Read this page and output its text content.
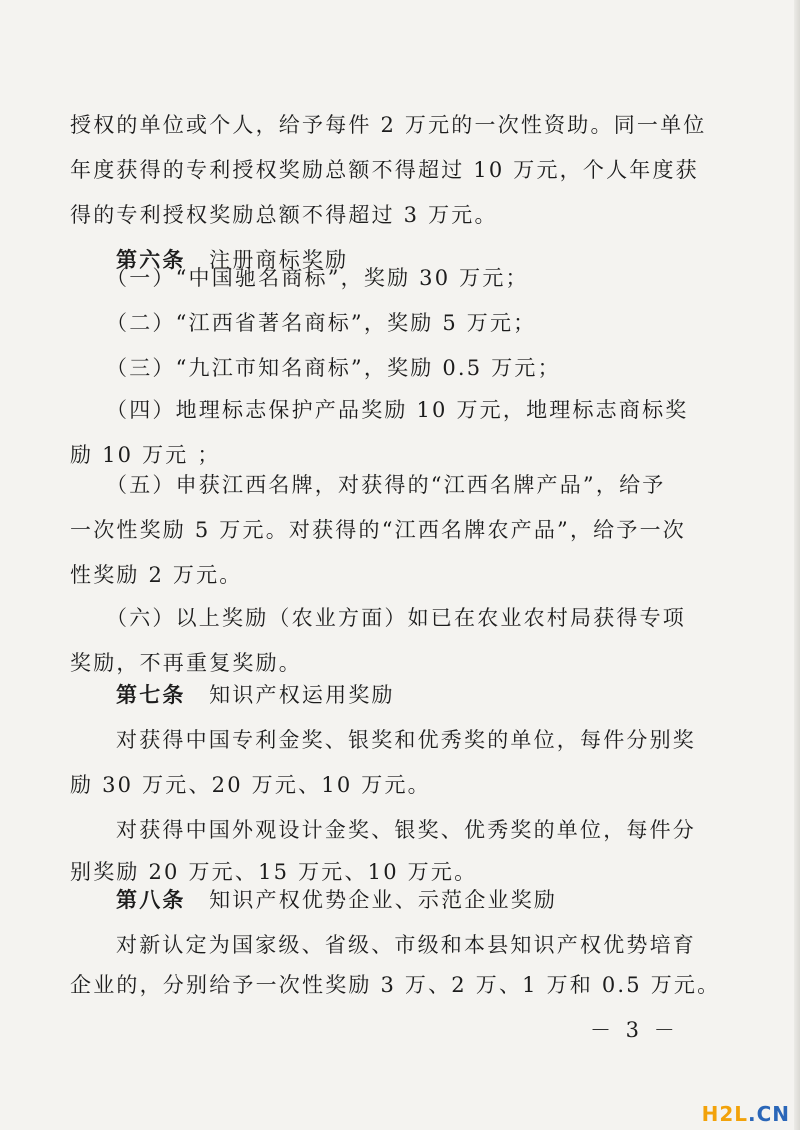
授权的单位或个人，给予每件 2 万元的一次性资助。同一单位
年度获得的专利授权奖励总额不得超过 10 万元，个人年度获
得的专利授权奖励总额不得超过 3 万元。
第六条 注册商标奖励
（一）“中国驰名商标”，奖励 30 万元；
（二）“江西省著名商标”，奖励 5 万元；
（三）“九江市知名商标”，奖励 0.5 万元；
（四）地理标志保护产品奖励 10 万元，地理标志商标奖
励 10 万元 ；
（五）申获江西名牌，对获得的“江西名牌产品”，给予
一次性奖励 5 万元。对获得的“江西名牌农产品”，给予一次
性奖励 2 万元。
（六）以上奖励（农业方面）如已在农业农村局获得专项
奖励，不再重复奖励。
第七条 知识产权运用奖励
对获得中国专利金奖、银奖和优秀奖的单位，每件分别奖
励 30 万元、20 万元、10 万元。
对获得中国外观设计金奖、银奖、优秀奖的单位，每件分
别奖励 20 万元、15 万元、10 万元。
第八条 知识产权优势企业、示范企业奖励
对新认定为国家级、省级、市级和本县知识产权优势培育
企业的，分别给予一次性奖励 3 万、2 万、1 万和 0.5 万元。
－ 3 －
H2L.CN
